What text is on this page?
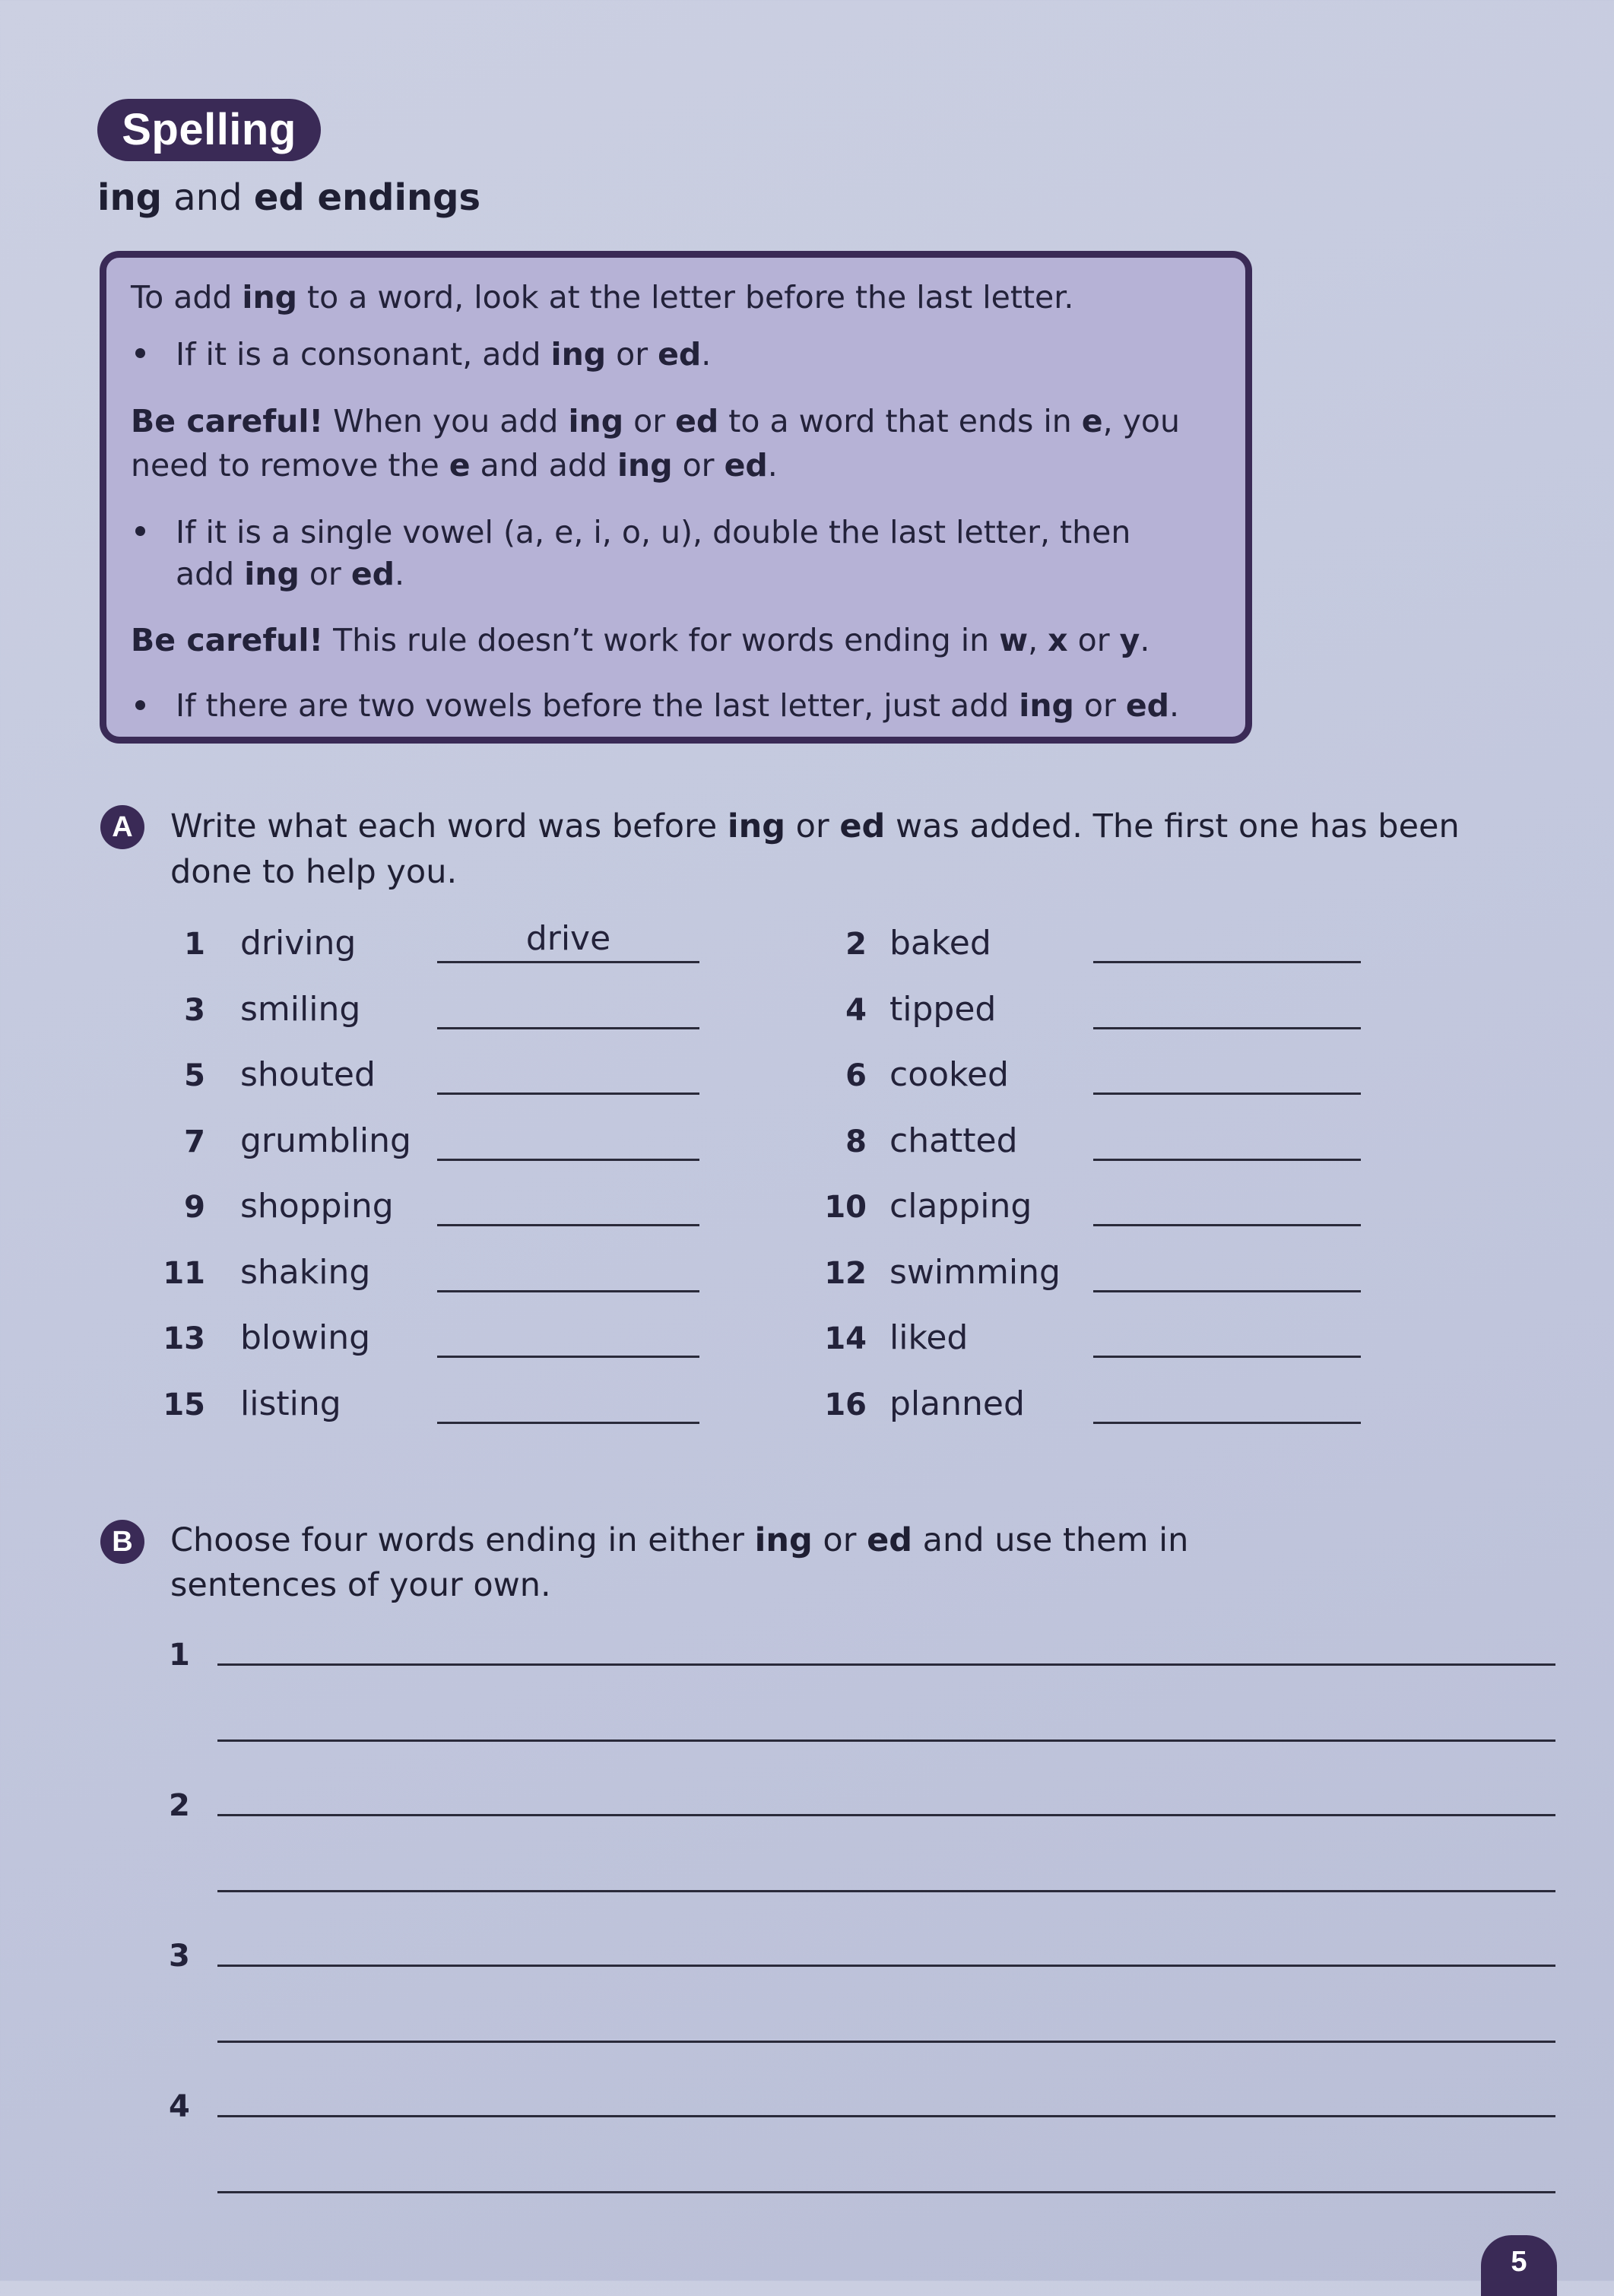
Spelling
ing and ed endings
To add ing to a word, look at the letter before the last letter.
If it is a consonant, add ing or ed.
Be careful! When you add ing or ed to a word that ends in e, you
need to remove the e and add ing or ed.
If it is a single vowel (a, e, i, o, u), double the last letter, then
add ing or ed.
Be careful! This rule doesn’t work for words ending in w, x or y.
If there are two vowels before the last letter, just add ing or ed.
A	Write what each word was before ing or ed was added. The first one has been
done to help you.
1 driving	drive	2 baked
3 smiling	4 tipped
5 shouted	6 cooked
7 grumbling	8 chatted
9 shopping	10 clapping
11 shaking	12 swimming
13 blowing	14 liked
15 listing	16 planned
B	Choose four words ending in either ing or ed and use them in
sentences of your own.
1
2
3
4
5
